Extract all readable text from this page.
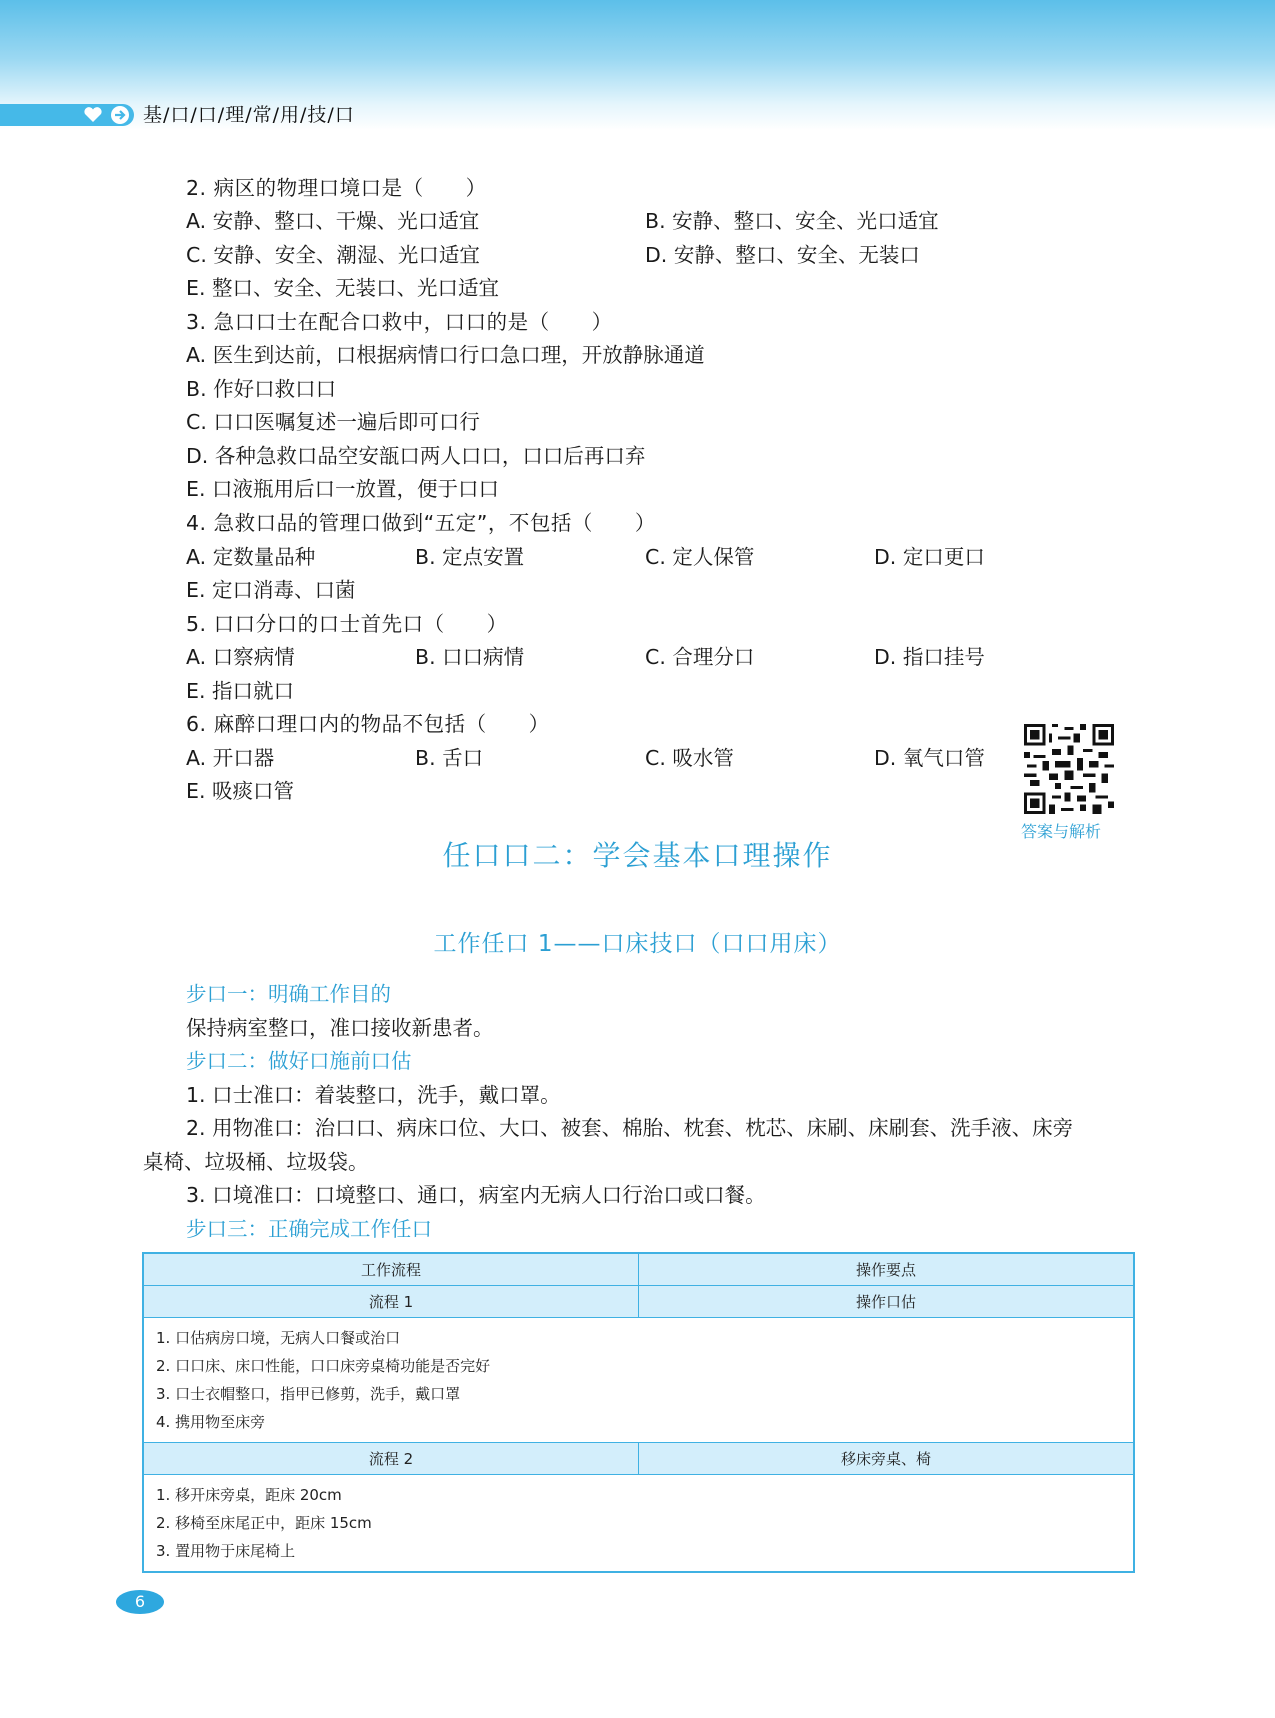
基/口/口/理/常/用/技/口
2. 病区的物理口境口是（　　）
A. 安静、整口、干燥、光口适宜	B. 安静、整口、安全、光口适宜
C. 安静、安全、潮湿、光口适宜	D. 安静、整口、安全、无装口
E. 整口、安全、无装口、光口适宜
3. 急口口士在配合口救中，口口的是（　　）
A. 医生到达前，口根据病情口行口急口理，开放静脉通道
B. 作好口救口口
C. 口口医嘱复述一遍后即可口行
D. 各种急救口品空安瓿口两人口口，口口后再口弃
E. 口液瓶用后口一放置，便于口口
4. 急救口品的管理口做到“五定”，不包括（　　）
A. 定数量品种	B. 定点安置	C. 定人保管	D. 定口更口
E. 定口消毒、口菌
5. 口口分口的口士首先口（　　）
A. 口察病情	B. 口口病情	C. 合理分口	D. 指口挂号
E. 指口就口
6. 麻醉口理口内的物品不包括（　　）
A. 开口器	B. 舌口	C. 吸水管	D. 氧气口管
E. 吸痰口管
答案与解析
任口口二：学会基本口理操作
工作任口 1——口床技口（口口用床）
步口一：明确工作目的
保持病室整口，准口接收新患者。
步口二：做好口施前口估
1. 口士准口：着装整口，洗手，戴口罩。
2. 用物准口：治口口、病床口位、大口、被套、棉胎、枕套、枕芯、床刷、床刷套、洗手液、床旁
桌椅、垃圾桶、垃圾袋。
3. 口境准口：口境整口、通口，病室内无病人口行治口或口餐。
步口三：正确完成工作任口
工作流程	操作要点
流程 1	操作口估

1. 口估病房口境，无病人口餐或治口
2. 口口床、床口性能，口口床旁桌椅功能是否完好
3. 口士衣帽整口，指甲已修剪，洗手，戴口罩
4. 携用物至床旁	

流程 2	移床旁桌、椅

1. 移开床旁桌，距床 20cm
2. 移椅至床尾正中，距床 15cm
3. 置用物于床尾椅上	
6
